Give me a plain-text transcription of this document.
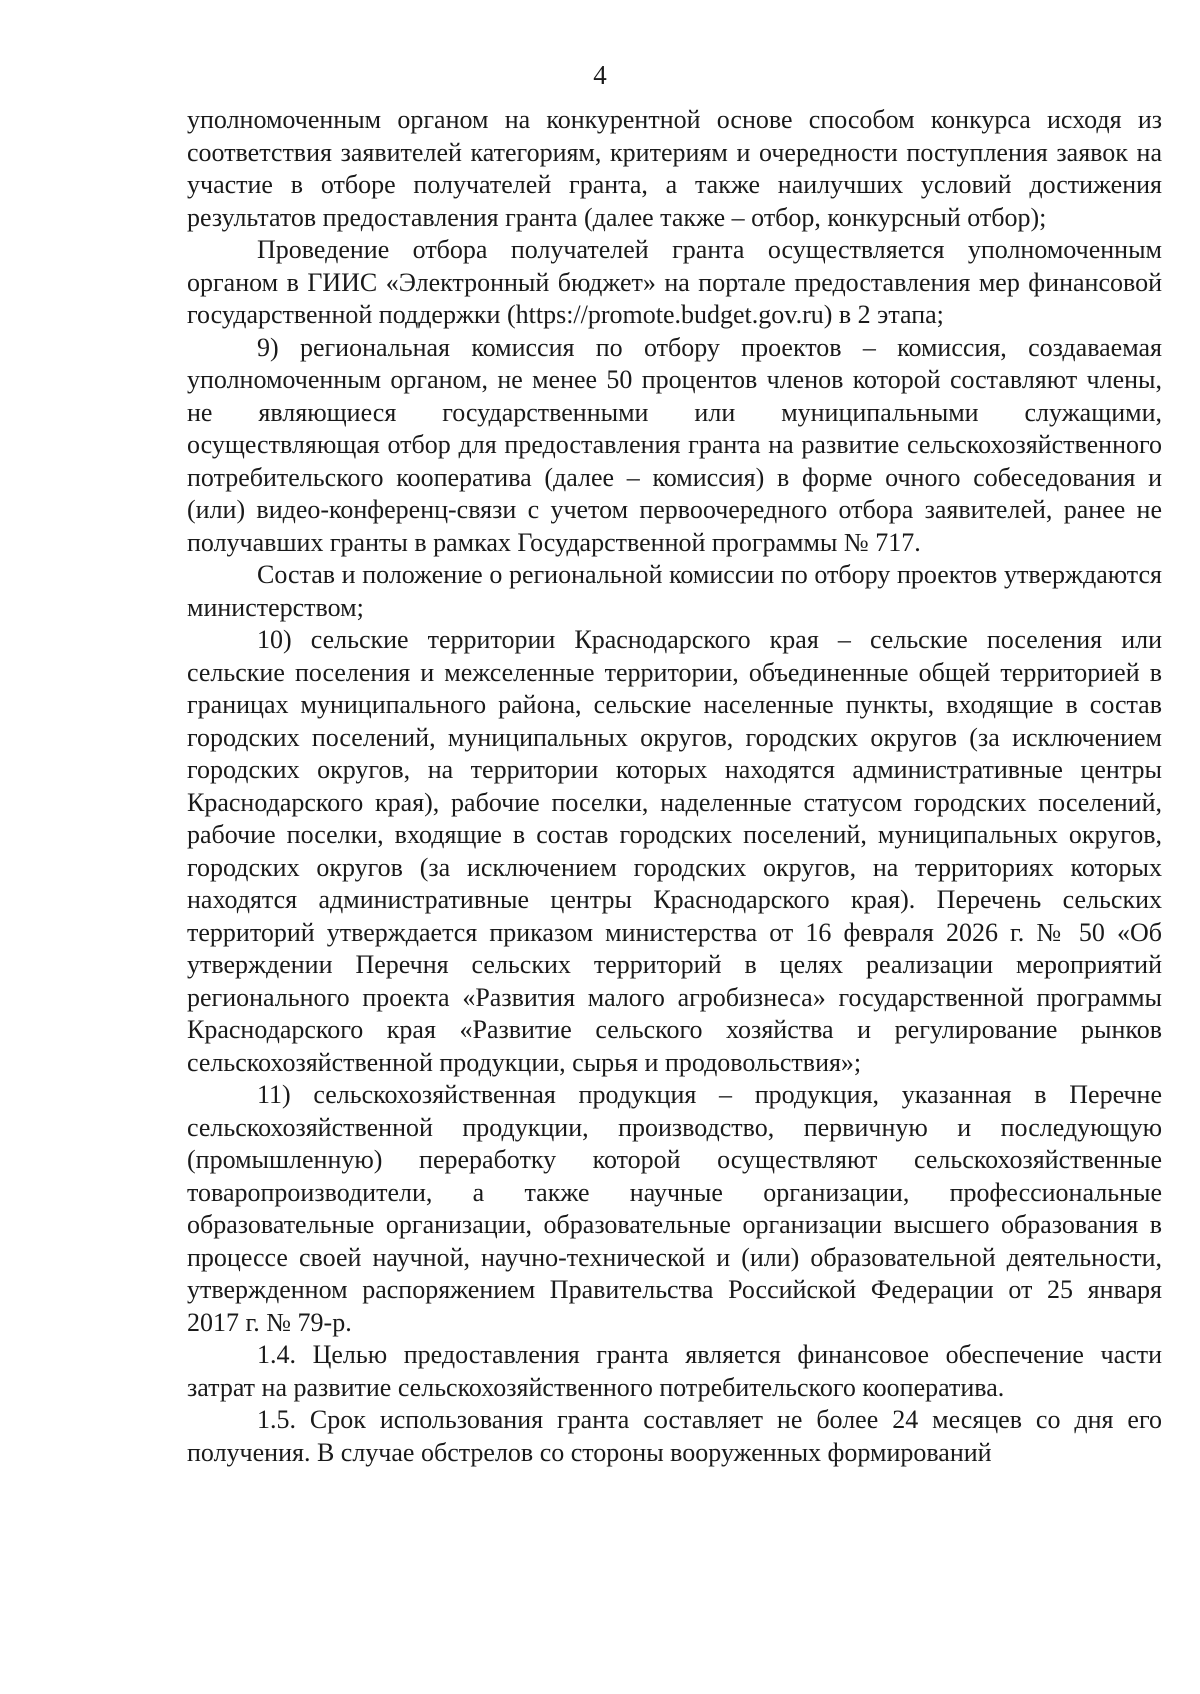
4

уполномоченным органом на конкурентной основе способом конкурса исходя из соответствия заявителей категориям, критериям и очередности поступления заявок на участие в отборе получателей гранта, а также наилучших условий достижения результатов предоставления гранта (далее также – отбор, конкурсный отбор);

Проведение отбора получателей гранта осуществляется уполномоченным органом в ГИИС «Электронный бюджет» на портале предоставления мер финансовой государственной поддержки (https://promote.budget.gov.ru) в 2 этапа;

9) региональная комиссия по отбору проектов – комиссия, создаваемая уполномоченным органом, не менее 50 процентов членов которой составляют члены, не являющиеся государственными или муниципальными служащими, осуществляющая отбор для предоставления гранта на развитие сельскохозяйственного потребительского кооператива (далее – комиссия) в форме очного собеседования и (или) видео-конференц-связи с учетом первоочередного отбора заявителей, ранее не получавших гранты в рамках Государственной программы № 717.

Состав и положение о региональной комиссии по отбору проектов утверждаются министерством;

10) сельские территории Краснодарского края – сельские поселения или сельские поселения и межселенные территории, объединенные общей территорией в границах муниципального района, сельские населенные пункты, входящие в состав городских поселений, муниципальных округов, городских округов (за исключением городских округов, на территории которых находятся административные центры Краснодарского края), рабочие поселки, наделенные статусом городских поселений, рабочие поселки, входящие в состав городских поселений, муниципальных округов, городских округов (за исключением городских округов, на территориях которых находятся административные центры Краснодарского края). Перечень сельских территорий утверждается приказом министерства от 16 февраля 2026 г. № 50 «Об утверждении Перечня сельских территорий в целях реализации мероприятий регионального проекта «Развития малого агробизнеса» государственной программы Краснодарского края «Развитие сельского хозяйства и регулирование рынков сельскохозяйственной продукции, сырья и продовольствия»;

11) сельскохозяйственная продукция – продукция, указанная в Перечне сельскохозяйственной продукции, производство, первичную и последующую (промышленную) переработку которой осуществляют сельскохозяйственные товаропроизводители, а также научные организации, профессиональные образовательные организации, образовательные организации высшего образования в процессе своей научной, научно-технической и (или) образовательной деятельности, утвержденном распоряжением Правительства Российской Федерации от 25 января 2017 г. № 79-р.

1.4. Целью предоставления гранта является финансовое обеспечение части затрат на развитие сельскохозяйственного потребительского кооператива.

1.5. Срок использования гранта составляет не более 24 месяцев со дня его получения. В случае обстрелов со стороны вооруженных формирований
